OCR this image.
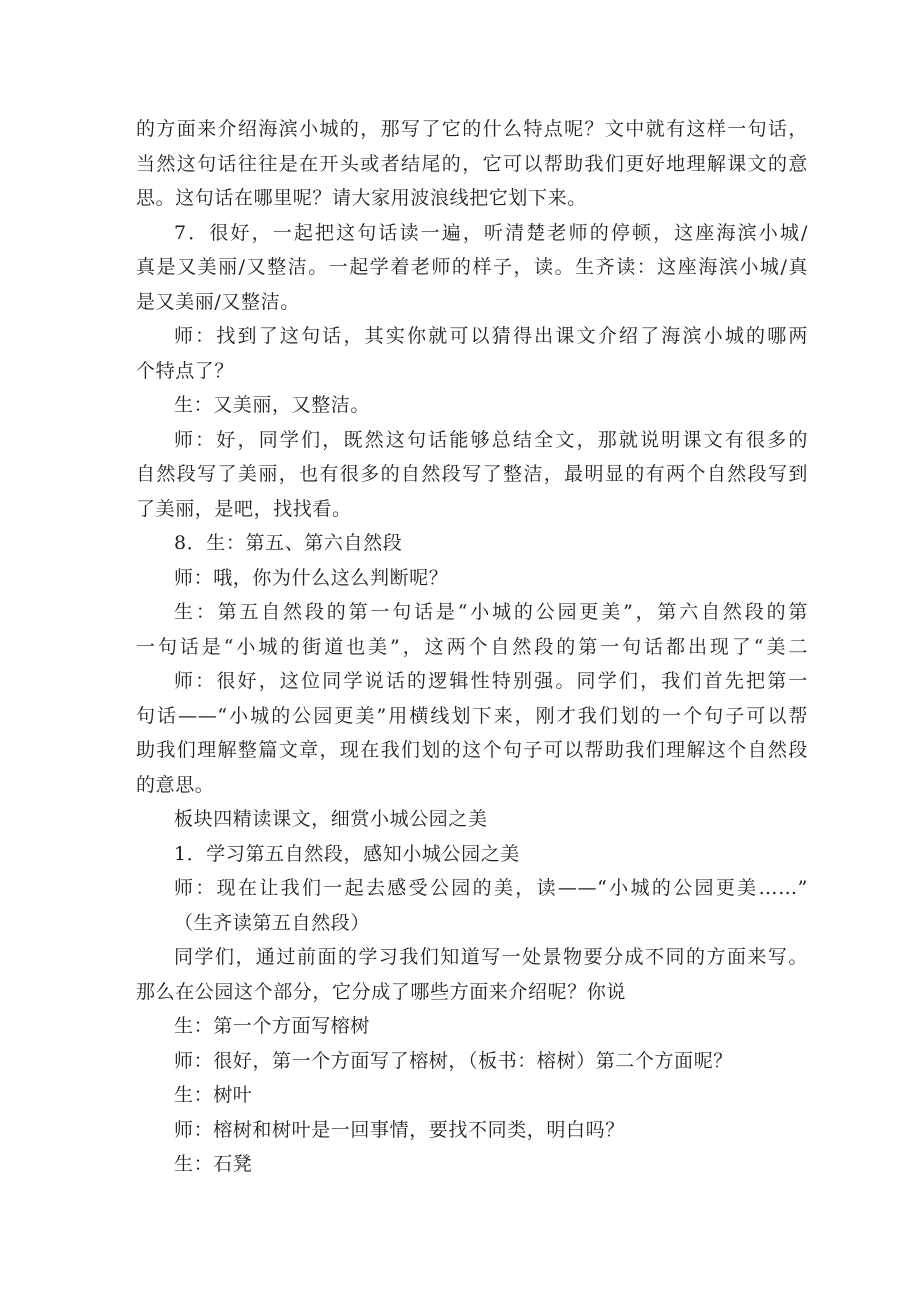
的方面来介绍海滨小城的，那写了它的什么特点呢？文中就有这样一句话，
当然这句话往往是在开头或者结尾的，它可以帮助我们更好地理解课文的意
思。这句话在哪里呢？请大家用波浪线把它划下来。
7．很好，一起把这句话读一遍，听清楚老师的停顿，这座海滨小城/
真是又美丽/又整洁。一起学着老师的样子，读。生齐读：这座海滨小城/真
是又美丽/又整洁。
师：找到了这句话，其实你就可以猜得出课文介绍了海滨小城的哪两
个特点了？
生：又美丽，又整洁。
师：好，同学们，既然这句话能够总结全文，那就说明课文有很多的
自然段写了美丽，也有很多的自然段写了整洁，最明显的有两个自然段写到
了美丽，是吧，找找看。
8．生：第五、第六自然段
师：哦，你为什么这么判断呢？
生：第五自然段的第一句话是“小城的公园更美”，第六自然段的第
一句话是“小城的街道也美”，这两个自然段的第一句话都出现了“美二
师：很好，这位同学说话的逻辑性特别强。同学们，我们首先把第一
句话——“小城的公园更美”用横线划下来，刚才我们划的一个句子可以帮
助我们理解整篇文章，现在我们划的这个句子可以帮助我们理解这个自然段
的意思。
板块四精读课文，细赏小城公园之美
1．学习第五自然段，感知小城公园之美
师：现在让我们一起去感受公园的美，读——“小城的公园更美……”
（生齐读第五自然段）
同学们，通过前面的学习我们知道写一处景物要分成不同的方面来写。
那么在公园这个部分，它分成了哪些方面来介绍呢？你说
生：第一个方面写榕树
师：很好，第一个方面写了榕树，（板书：榕树）第二个方面呢？
生：树叶
师：榕树和树叶是一回事情，要找不同类，明白吗？
生：石凳
